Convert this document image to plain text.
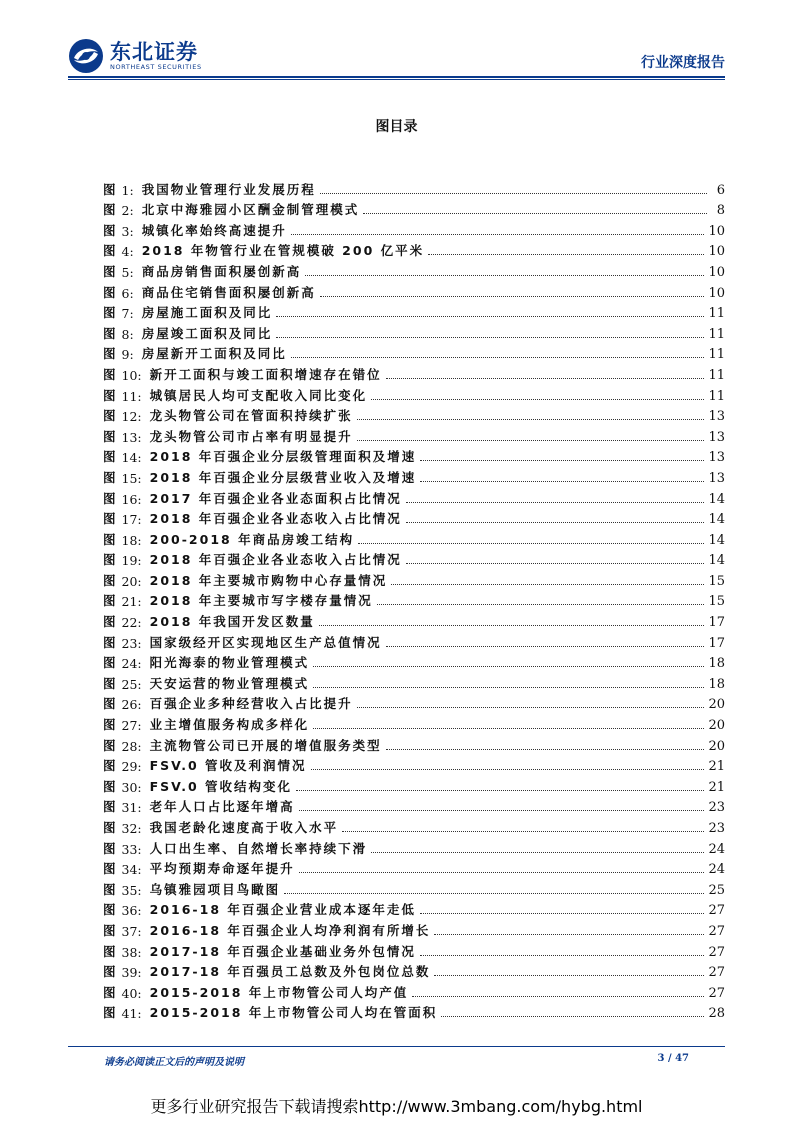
东北证券
NORTHEAST SECURITIES	行业深度报告
图目录
图 1: 我国物业管理行业发展历程	6
图 2: 北京中海雅园小区酬金制管理模式	8
图 3: 城镇化率始终高速提升	10
图 4: 2018 年物管行业在管规模破 200 亿平米	10
图 5: 商品房销售面积屡创新高	10
图 6: 商品住宅销售面积屡创新高	10
图 7: 房屋施工面积及同比	11
图 8: 房屋竣工面积及同比	11
图 9: 房屋新开工面积及同比	11
图 10: 新开工面积与竣工面积增速存在错位	11
图 11: 城镇居民人均可支配收入同比变化	11
图 12: 龙头物管公司在管面积持续扩张	13
图 13: 龙头物管公司市占率有明显提升	13
图 14: 2018 年百强企业分层级管理面积及增速	13
图 15: 2018 年百强企业分层级营业收入及增速	13
图 16: 2017 年百强企业各业态面积占比情况	14
图 17: 2018 年百强企业各业态收入占比情况	14
图 18: 200-2018 年商品房竣工结构	14
图 19: 2018 年百强企业各业态收入占比情况	14
图 20: 2018 年主要城市购物中心存量情况	15
图 21: 2018 年主要城市写字楼存量情况	15
图 22: 2018 年我国开发区数量	17
图 23: 国家级经开区实现地区生产总值情况	17
图 24: 阳光海泰的物业管理模式	18
图 25: 天安运营的物业管理模式	18
图 26: 百强企业多种经营收入占比提升	20
图 27: 业主增值服务构成多样化	20
图 28: 主流物管公司已开展的增值服务类型	20
图 29: FSV.0 管收及利润情况	21
图 30: FSV.0 管收结构变化	21
图 31: 老年人口占比逐年增高	23
图 32: 我国老龄化速度高于收入水平	23
图 33: 人口出生率、自然增长率持续下滑	24
图 34: 平均预期寿命逐年提升	24
图 35: 乌镇雅园项目鸟瞰图	25
图 36: 2016-18 年百强企业营业成本逐年走低	27
图 37: 2016-18 年百强企业人均净利润有所增长	27
图 38: 2017-18 年百强企业基础业务外包情况	27
图 39: 2017-18 年百强员工总数及外包岗位总数	27
图 40: 2015-2018 年上市物管公司人均产值	27
图 41: 2015-2018 年上市物管公司人均在管面积	28
请务必阅读正文后的声明及说明	3 / 47
更多行业研究报告下载请搜索http://www.3mbang.com/hybg.html
